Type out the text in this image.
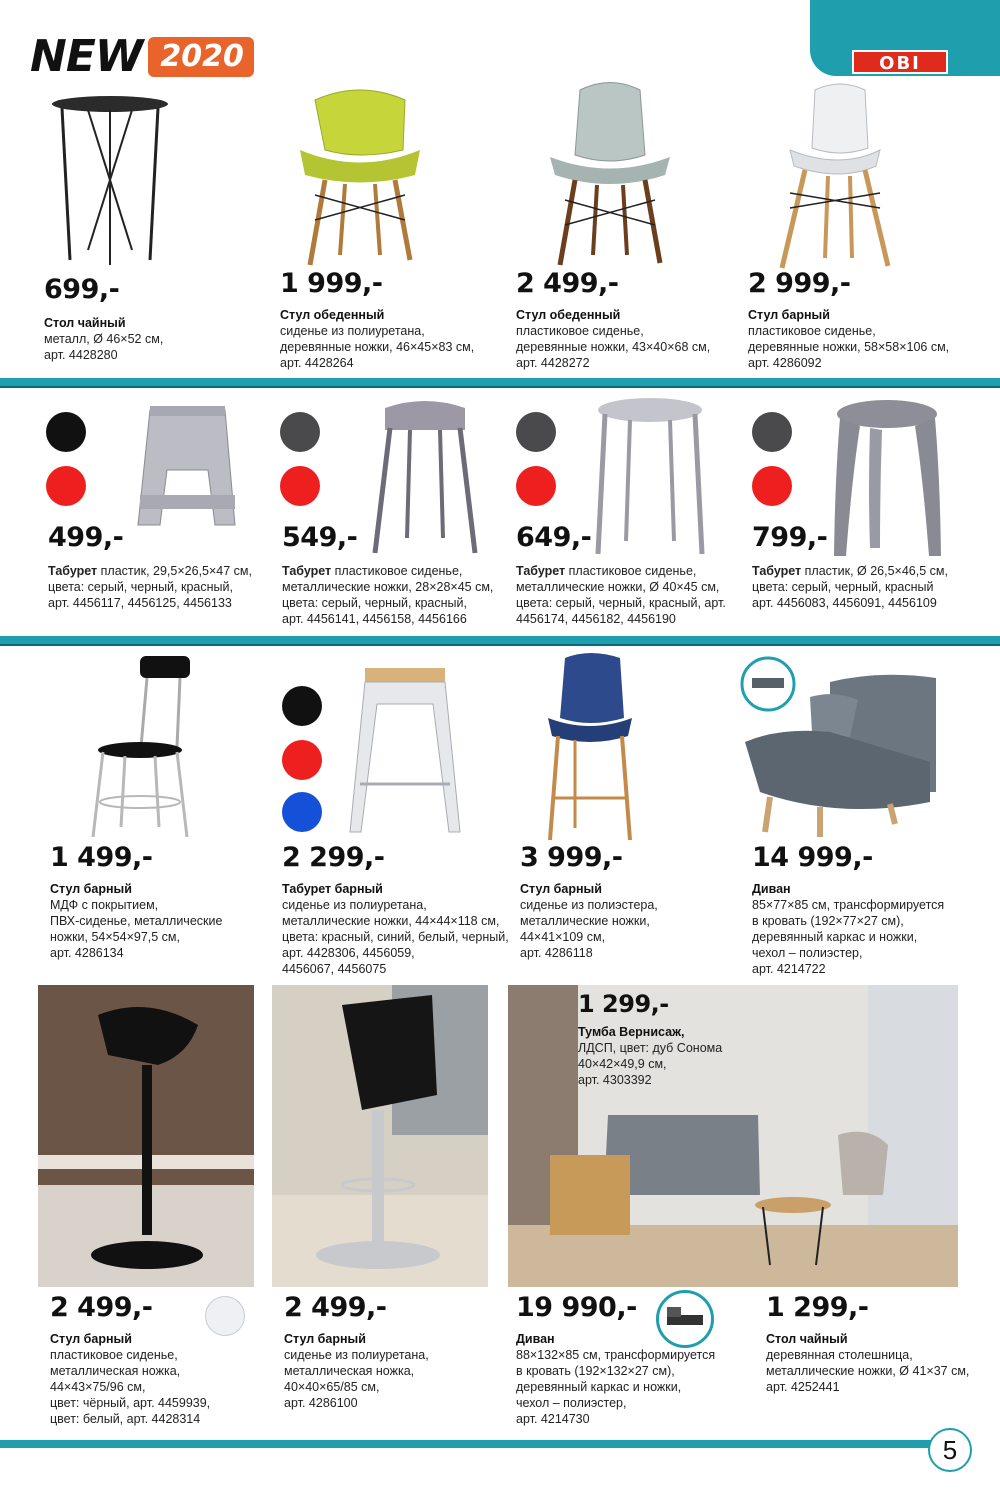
NEW 2020	OBI
699,-
Стол чайный
металл, Ø 46×52 см,
арт. 4428280
1 999,-
Стул обеденный
сиденье из полиуретана,
деревянные ножки, 46×45×83 см,
арт. 4428264
2 499,-
Стул обеденный
пластиковое сиденье,
деревянные ножки, 43×40×68 см,
арт. 4428272
2 999,-
Стул барный
пластиковое сиденье,
деревянные ножки, 58×58×106 см,
арт. 4286092
499,-
Табурет пластик, 29,5×26,5×47 см,
цвета: серый, черный, красный,
арт. 4456117, 4456125, 4456133
549,-
Табурет пластиковое сиденье,
металлические ножки, 28×28×45 см,
цвета: серый, черный, красный,
арт. 4456141, 4456158, 4456166
649,-
Табурет пластиковое сиденье,
металлические ножки, Ø 40×45 см,
цвета: серый, черный, красный, арт.
4456174, 4456182, 4456190
799,-
Табурет пластик, Ø 26,5×46,5 см,
цвета: серый, черный, красный
арт. 4456083, 4456091, 4456109
1 499,-
Стул барный
МДФ с покрытием,
ПВХ-сиденье, металлические
ножки, 54×54×97,5 см,
арт. 4286134
2 299,-
Табурет барный
сиденье из полиуретана,
металлические ножки, 44×44×118 см,
цвета: красный, синий, белый, черный,
арт. 4428306, 4456059,
4456067, 4456075
3 999,-
Стул барный
сиденье из полиэстера,
металлические ножки,
44×41×109 см,
арт. 4286118
14 999,-
Диван
85×77×85 см, трансформируется
в кровать (192×77×27 см),
деревянный каркас и ножки,
чехол – полиэстер,
арт. 4214722
1 299,-
Тумба Вернисаж,
ЛДСП, цвет: дуб Сонома
40×42×49,9 см,
арт. 4303392
2 499,-
Стул барный
пластиковое сиденье,
металлическая ножка,
44×43×75/96 см,
цвет: чёрный, арт. 4459939,
цвет: белый, арт. 4428314
2 499,-
Стул барный
сиденье из полиуретана,
металлическая ножка,
40×40×65/85 см,
арт. 4286100
19 990,-
Диван
88×132×85 см, трансформируется
в кровать (192×132×27 см),
деревянный каркас и ножки,
чехол – полиэстер,
арт. 4214730
1 299,-
Стол чайный
деревянная столешница,
металлические ножки, Ø 41×37 см,
арт. 4252441
5
